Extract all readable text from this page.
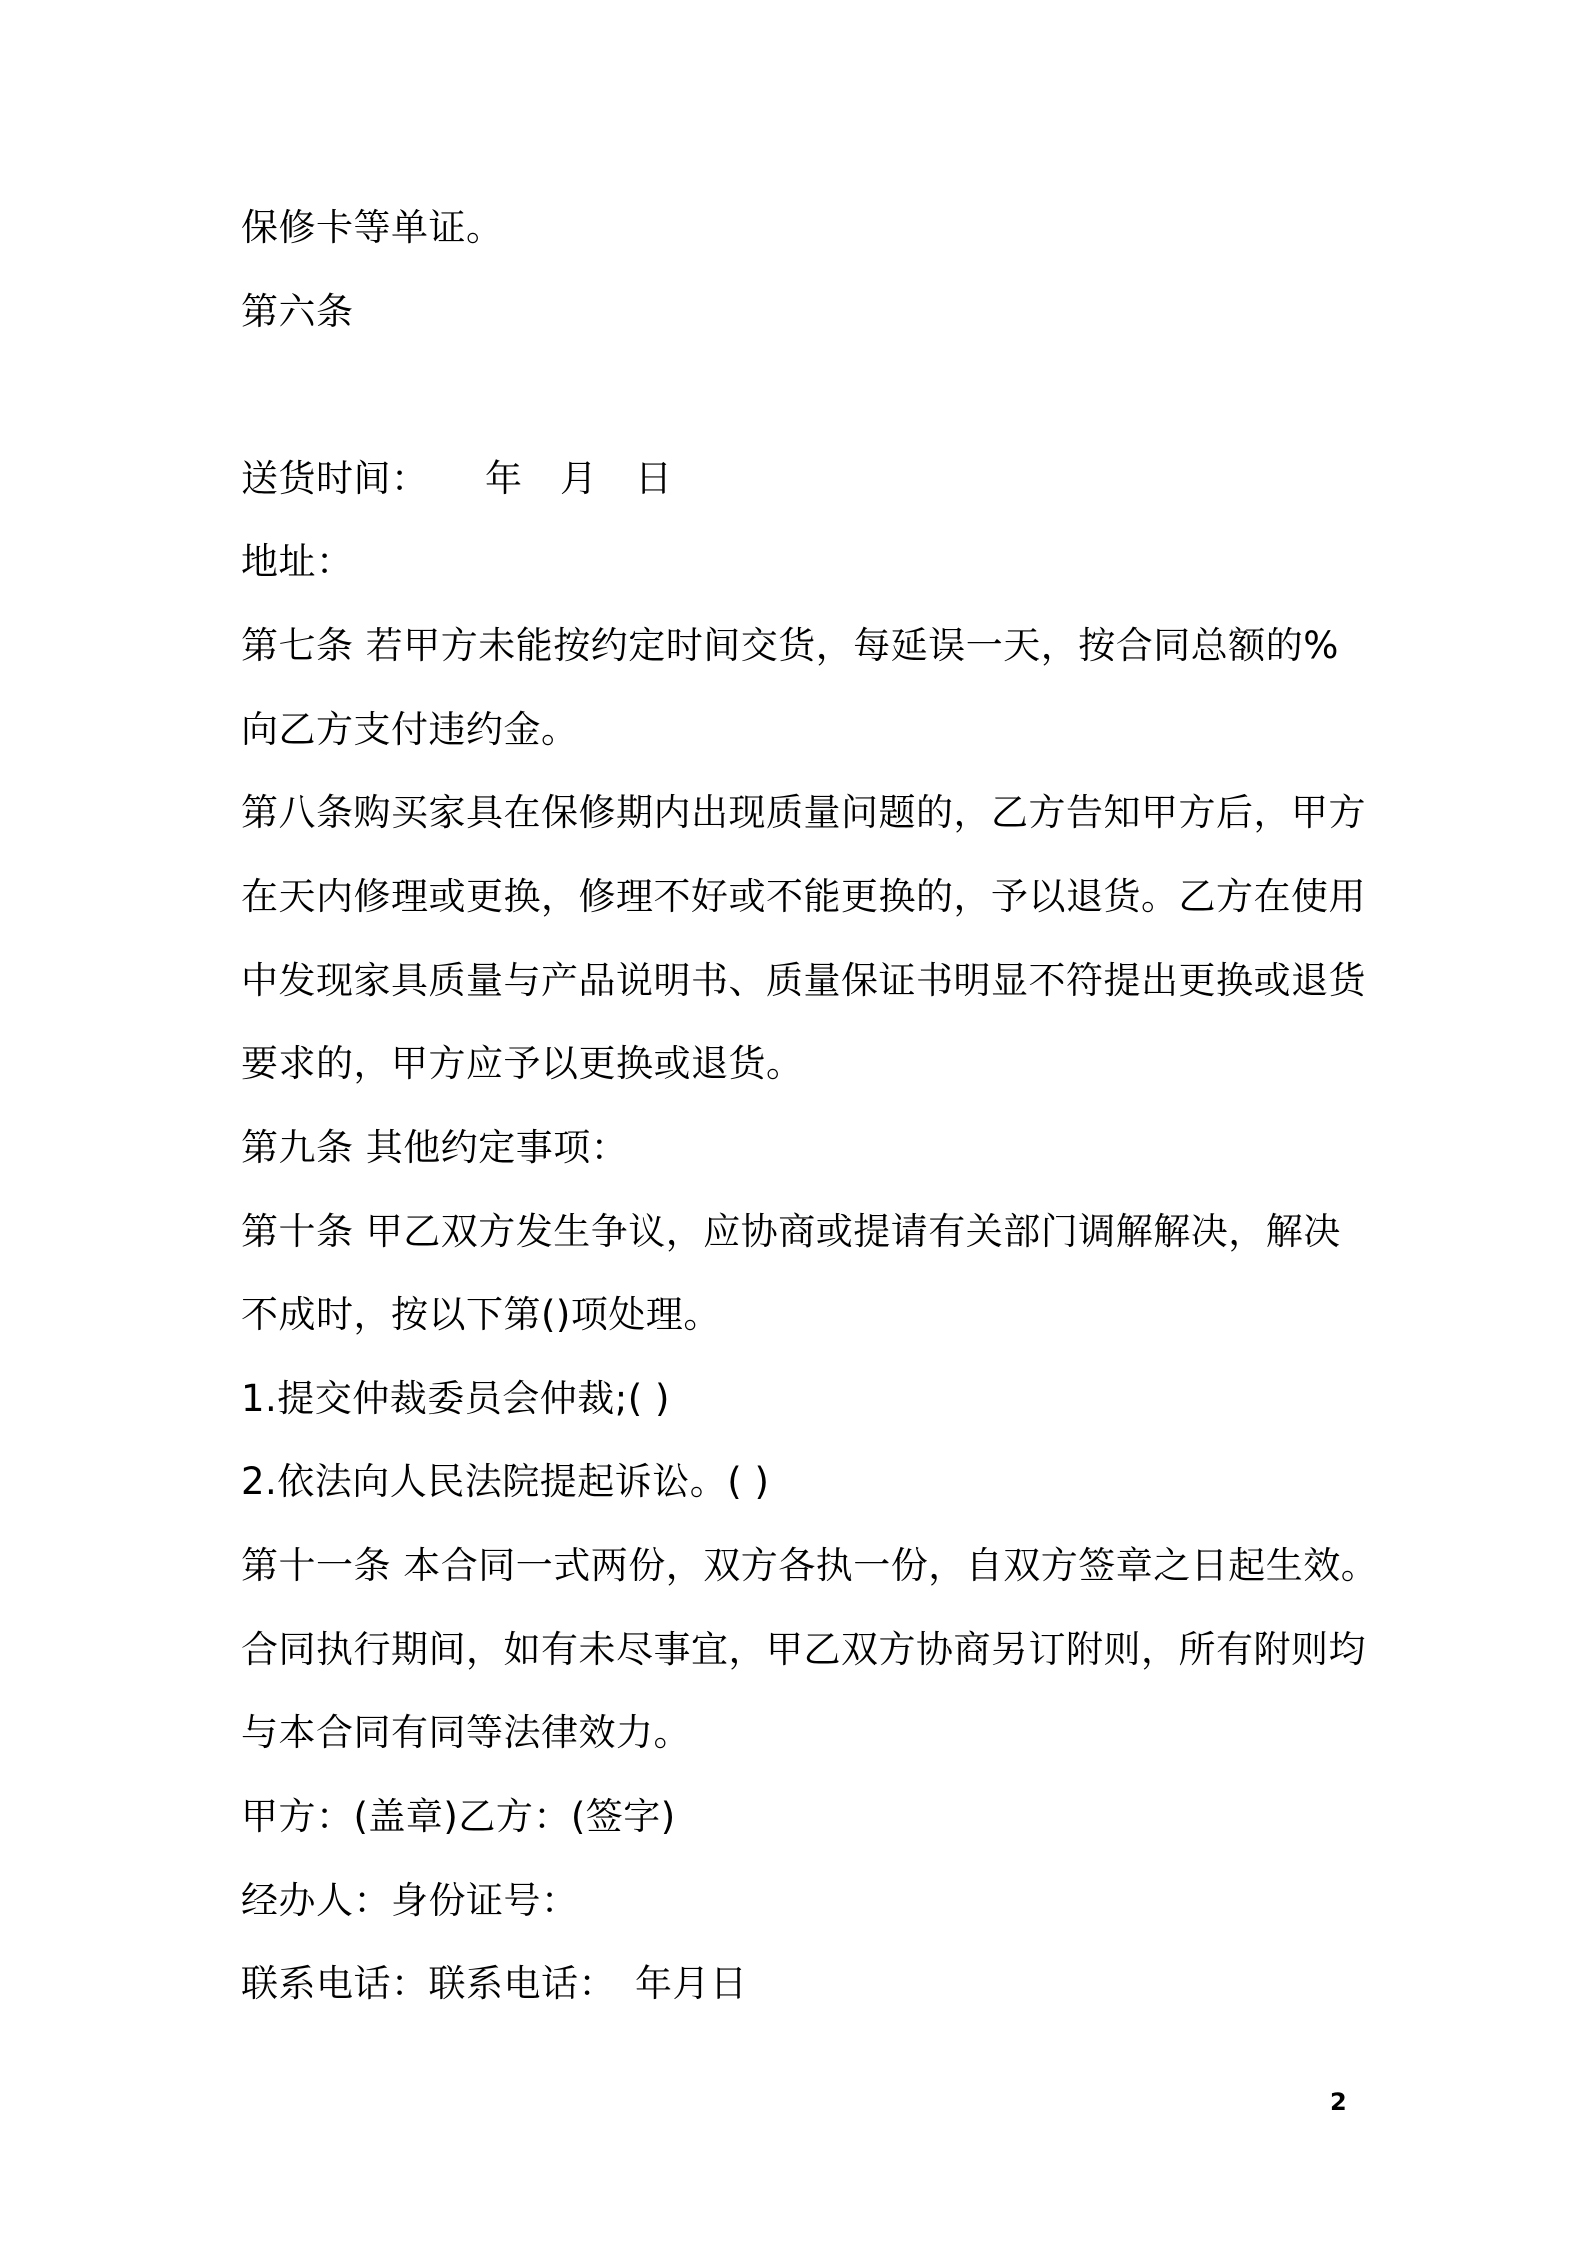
保修卡等单证。
第六条
送货时间：　　年　月　日
地址：
第七条 若甲方未能按约定时间交货，每延误一天，按合同总额的%
向乙方支付违约金。
第八条购买家具在保修期内出现质量问题的，乙方告知甲方后，甲方
在天内修理或更换，修理不好或不能更换的，予以退货。乙方在使用
中发现家具质量与产品说明书、质量保证书明显不符提出更换或退货
要求的，甲方应予以更换或退货。
第九条 其他约定事项：
第十条 甲乙双方发生争议，应协商或提请有关部门调解解决，解决
不成时，按以下第()项处理。
1.提交仲裁委员会仲裁;( )
2.依法向人民法院提起诉讼。( )
第十一条 本合同一式两份，双方各执一份，自双方签章之日起生效。
合同执行期间，如有未尽事宜，甲乙双方协商另订附则，所有附则均
与本合同有同等法律效力。
甲方：(盖章)乙方：(签字)
经办人：身份证号：
联系电话：联系电话：　年月日
2
